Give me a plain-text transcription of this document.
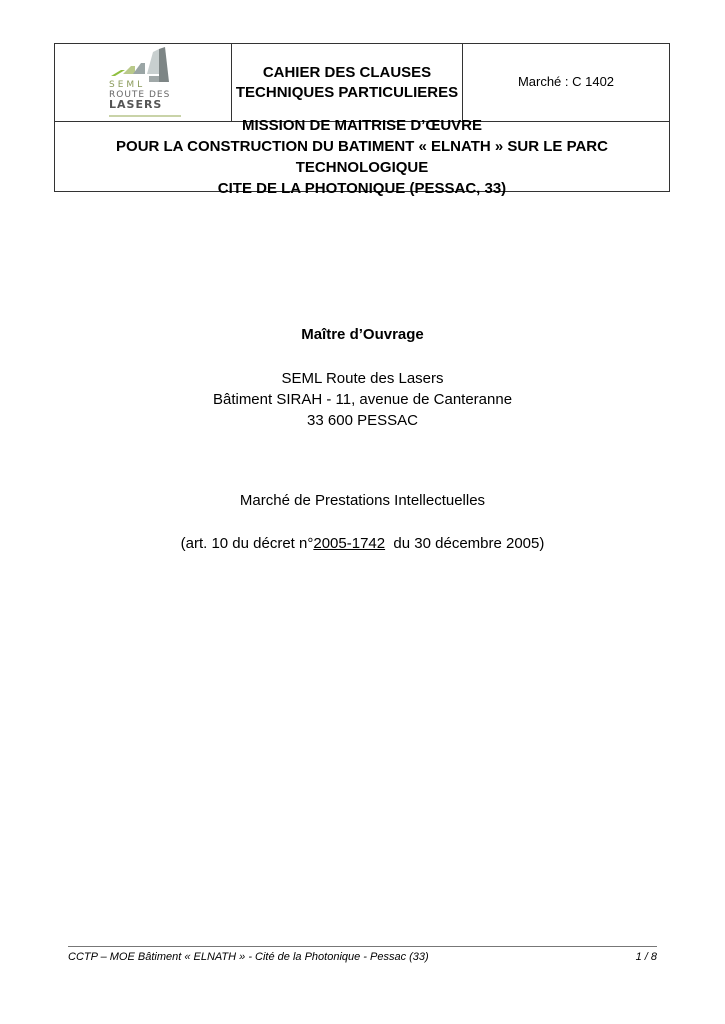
SEML
ROUTE DES
LASERS
CAHIER DES CLAUSES
TECHNIQUES PARTICULIERES
Marché : C 1402
MISSION DE MAITRISE D’ŒUVRE
POUR LA CONSTRUCTION DU BATIMENT « ELNATH » SUR LE PARC TECHNOLOGIQUE
CITE DE LA PHOTONIQUE (PESSAC, 33)
Maître d’Ouvrage
SEML Route des Lasers
Bâtiment SIRAH - 11, avenue de Canteranne
33 600 PESSAC
Marché de Prestations Intellectuelles
(art. 10 du décret n°2005-1742  du 30 décembre 2005)
CCTP – MOE Bâtiment « ELNATH » - Cité de la Photonique - Pessac (33)	1 / 8
